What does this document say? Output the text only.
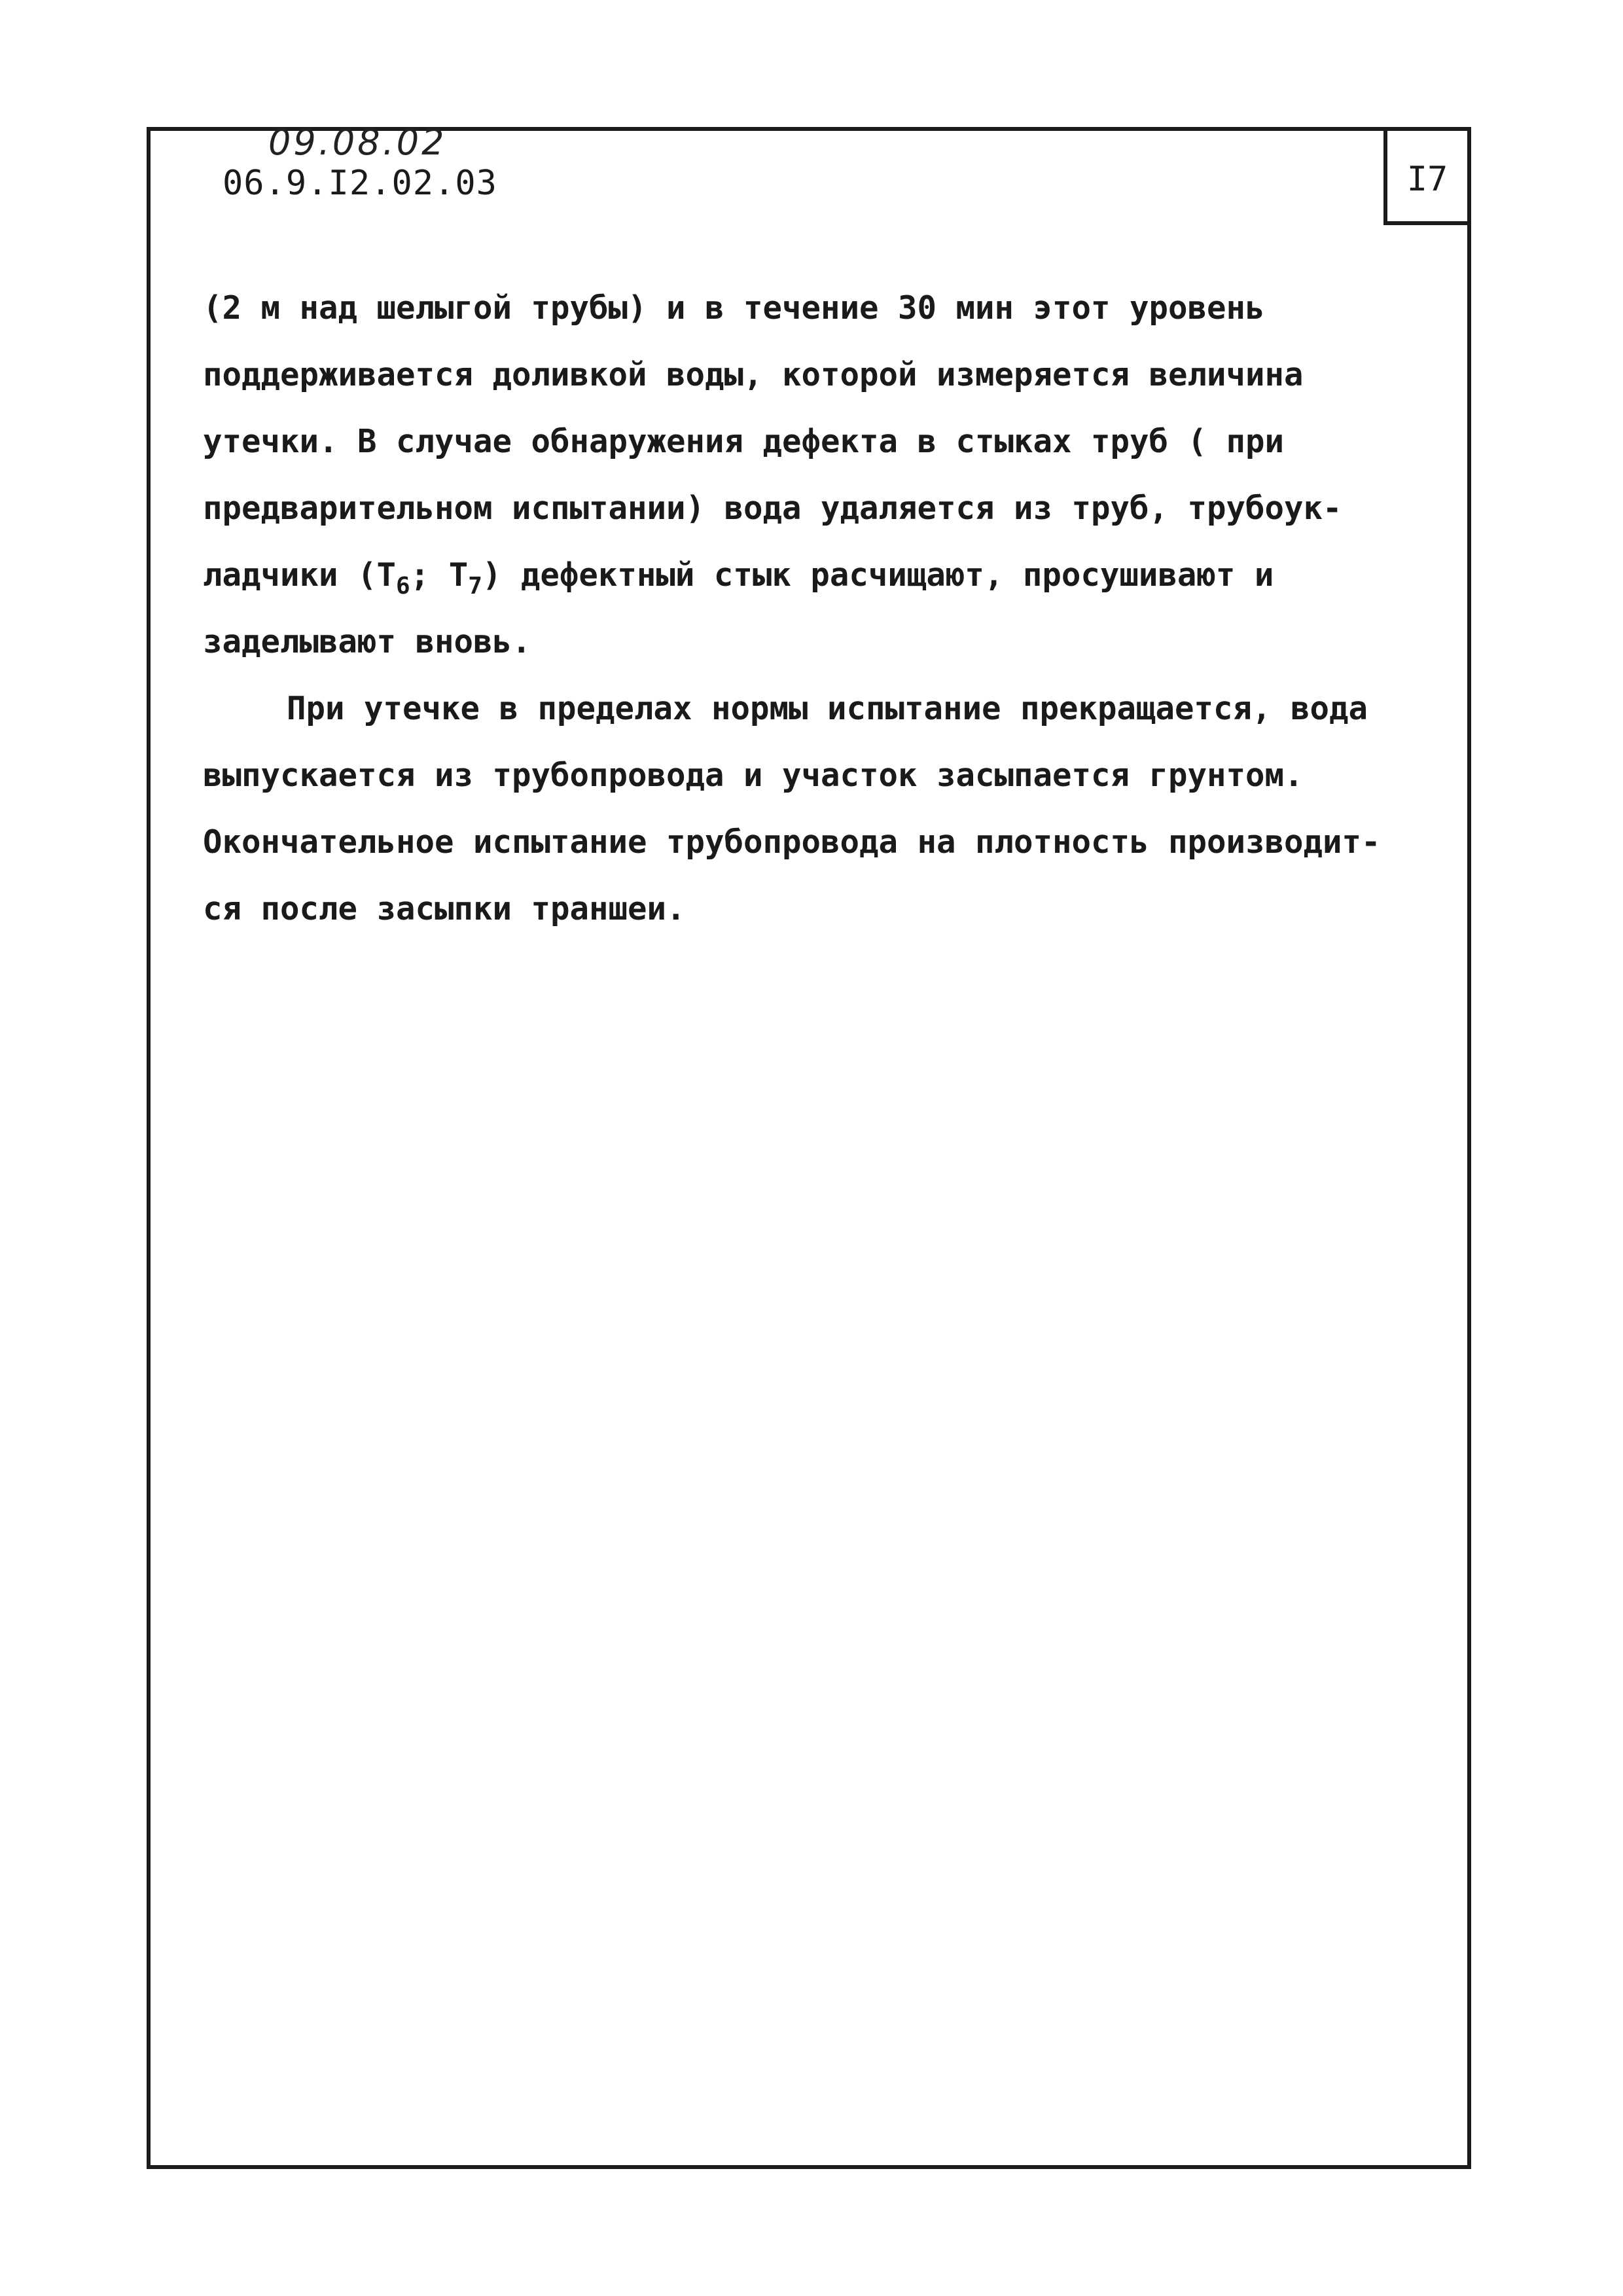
I7
09.08.02
06.9.I2.02.03
(2 м над шелыгой трубы) и в течение 30 мин этот уровень
поддерживается доливкой воды, которой измеряется величина
утечки. В случае обнаружения дефекта в стыках труб ( при
предварительном испытании) вода удаляется из труб, трубоук-
ладчики ($Т_6$; $Т_7$) дефектный стык расчищают, просушивают и
заделывают вновь.
При утечке в пределах нормы испытание прекращается, вода
выпускается из трубопровода и участок засыпается грунтом.
Окончательное испытание трубопровода на плотность производит-
ся после засыпки траншеи.
